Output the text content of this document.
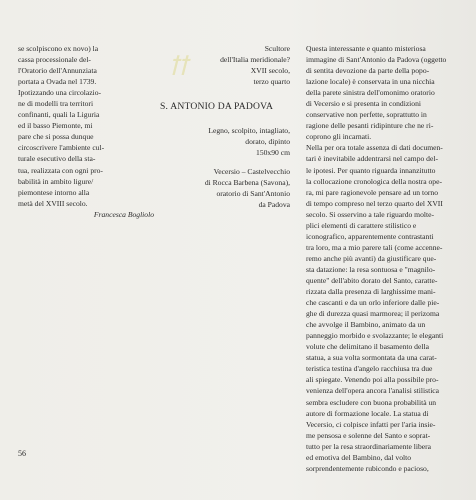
ꝉꝉ

se scolpiscono ex novo) la

cassa processionale del-

l'Oratorio dell'Annunziata

portata a Ovada nel 1739.

Ipotizzando una circolazio-

ne di modelli tra territori

confinanti, quali la Liguria

ed il basso Piemonte, mi

pare che si possa dunque

circoscrivere l'ambiente cul-

turale esecutivo della sta-

tua, realizzata con ogni pro-

babilità in ambito ligure/

piemontese intorno alla

metà del XVIII secolo.

Francesca Bogliolo

Scultore

dell'Italia meridionale?

XVII secolo,

terzo quarto

S. ANTONIO DA PADOVA

Legno, scolpito, intagliato,

dorato, dipinto

150x90 cm

Vecersio – Castelvecchio

di Rocca Barbena (Savona),

oratorio di Sant'Antonio

da Padova

Questa interessante e quanto misteriosa

immagine di Sant'Antonio da Padova (oggetto

di sentita devozione da parte della popo-

lazione locale) è conservata in una nicchia

della parete sinistra dell'omonimo oratorio

di Vecersio e si presenta in condizioni

conservative non perfette, soprattutto in

ragione delle pesanti ridipinture che ne ri-

coprono gli incarnati.

Nella per ora totale assenza di dati documen-

tari è inevitabile addentrarsi nel campo del-

le ipotesi. Per quanto riguarda innanzitutto

la collocazione cronologica della nostra ope-

ra, mi pare ragionevole pensare ad un torno

di tempo compreso nel terzo quarto del XVII

secolo. Si osservino a tale riguardo molte-

plici elementi di carattere stilistico e

iconografico, apparentemente contrastanti

tra loro, ma a mio parere tali (come accenne-

remo anche più avanti) da giustificare que-

sta datazione: la resa sontuosa e "magnilo-

quente" dell'abito dorato del Santo, caratte-

rizzata dalla presenza di larghissime mani-

che cascanti e da un orlo inferiore dalle pie-

ghe di durezza quasi marmorea; il perizoma

che avvolge il Bambino, animato da un

panneggio morbido e svolazzante; le eleganti

volute che delimitano il basamento della

statua, a sua volta sormontata da una carat-

teristica testina d'angelo racchiusa tra due

ali spiegate. Venendo poi alla possibile pro-

venienza dell'opera ancora l'analisi stilistica

sembra escludere con buona probabilità un

autore di formazione locale. La statua di

Vecersio, ci colpisce infatti per l'aria insie-

me pensosa e solenne del Santo e soprat-

tutto per la resa straordinariamente libera

ed emotiva del Bambino, dal volto

sorprendentemente rubicondo e pacioso,

56
